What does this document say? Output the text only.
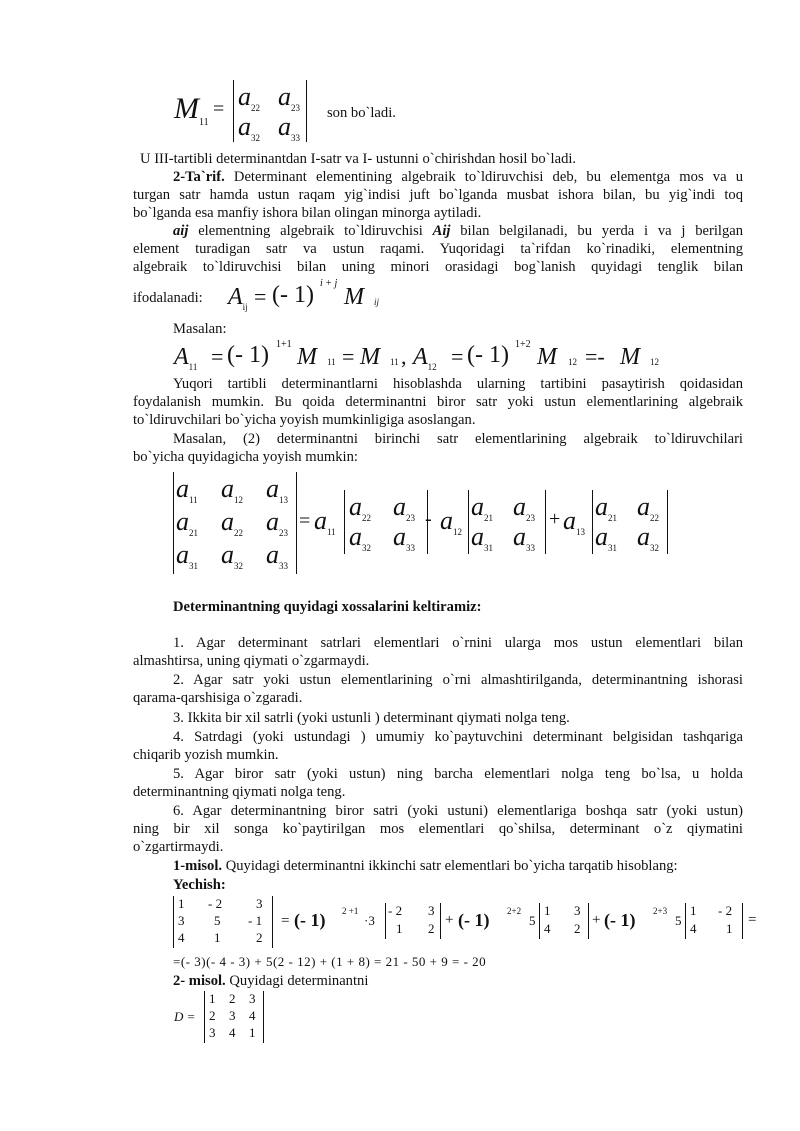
$M_{11}$
= $a_{22}$ $a_{23}$
$a_{32}$ $a_{33}$
son bo`ladi.
U III-tartibli determinantdan I-satr va I- ustunni o`chirishdan hosil bo`ladi.
2-Ta`rif. Determinant elementining algebraik to`ldiruvchisi deb, bu elementga mos va u
turgan satr hamda ustun raqam yig`indisi juft bo`lganda musbat ishora bilan, bu yig`indi toq
bo`lganda esa manfiy ishora bilan olingan minorga aytiladi.
aij elementning algebraik to`ldiruvchisi Aij bilan belgilanadi, bu yerda i va j berilgan
element turadigan satr va ustun raqami. Yuqoridagi ta`rifdan ko`rinadiki, elementning
algebraik to`ldiruvchisi bilan uning minori orasidagi bog`lanish quyidagi tenglik bilan
ifodalanadi: $A_{ij}$ = (- 1) i + j
M ij
Masalan:
$A_{11}$ = (- 1) 1+1 M 11 = M 11 , $A_{12}$ = (- 1) 1+2 M 12 =- M 12
Yuqori tartibli determinantlarni hisoblashda ularning tartibini pasaytirish qoidasidan
foydalanish mumkin. Bu qoida determinantni biror satr yoki ustun elementlarining algebraik
to`ldiruvchilari bo`yicha yoyish mumkinligiga asoslangan.
Masalan, (2) determinantni birinchi satr elementlarining algebraik to`ldiruvchilari
bo`yicha quyidagicha yoyish mumkin:
$a_{11}$ $a_{12}$ $a_{13}$
$a_{21}$ $a_{22}$ $a_{23}$
$a_{31}$ $a_{32}$ $a_{33}$
= $a_{11}$
$a_{22}$ $a_{23}$
$a_{32}$ $a_{33}$
- $a_{12}$
$a_{21}$ $a_{23}$
$a_{31}$ $a_{33}$
+ $a_{13}$
$a_{21}$ $a_{22}$
$a_{31}$ $a_{32}$
Determinantning quyidagi xossalarini keltiramiz:
1. Agar determinant satrlari elementlari o`rnini ularga mos ustun elementlari bilan
almashtirsa, uning qiymati o`zgarmaydi.
2. Agar satr yoki ustun elementlarining o`rni almashtirilganda, determinantning ishorasi
qarama-qarshisiga o`zgaradi.
3. Ikkita bir xil satrli (yoki ustunli ) determinant qiymati nolga teng.
4. Satrdagi (yoki ustundagi ) umumiy ko`paytuvchini determinant belgisidan tashqariga
chiqarib yozish mumkin.
5. Agar biror satr (yoki ustun) ning barcha elementlari nolga teng bo`lsa, u holda
determinantning qiymati nolga teng.
6. Agar determinantning biror satri (yoki ustuni) elementlariga boshqa satr (yoki ustun)
ning bir xil songa ko`paytirilgan mos elementlari qo`shilsa, determinant o`z qiymatini
o`zgartirmaydi.
1-misol. Quyidagi determinantni ikkinchi satr elementlari bo`yicha tarqatib hisoblang:
Yechish:
1 - 2	3
3 5 - 1
4 1	2
= (- 1) 2 +1
·3
- 2 3
1 2
+ (- 1) 2+2
5
1 3
4 2
+ (- 1) 2+3
5
1 - 2
4 1
=
=(- 3)(- 4 - 3) + 5(2 - 12) + (1 + 8) = 21 - 50 + 9 = - 20
2- misol. Quyidagi determinantni
D =
1 2 3
2 3 4
3 4 1
